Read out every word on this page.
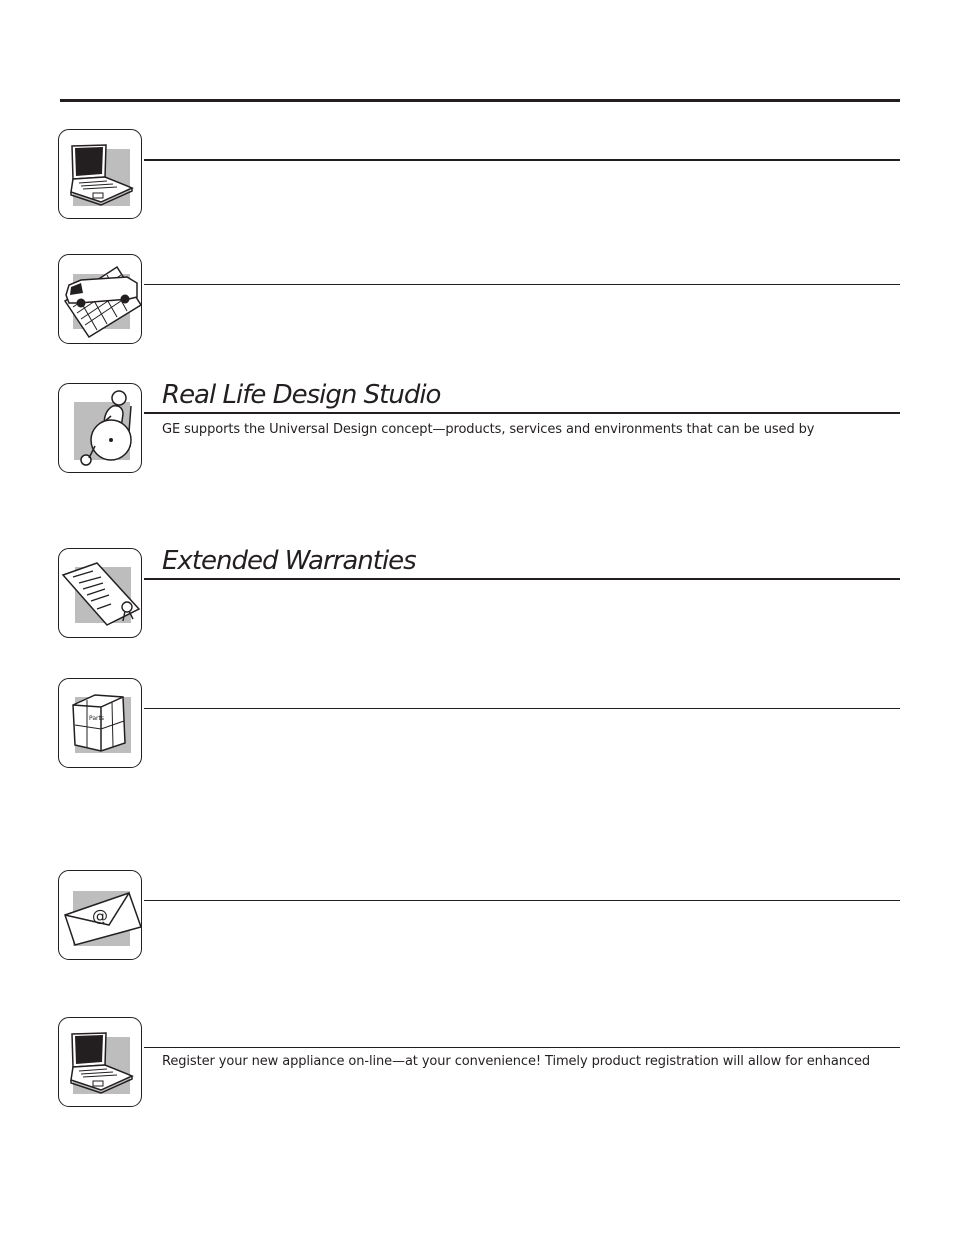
Real Life Design Studio
GE supports the Universal Design concept—products, services and environments that can be used by
Extended Warranties
Parts
@
Register your new appliance on-line—at your convenience! Timely product registration will allow for enhanced
